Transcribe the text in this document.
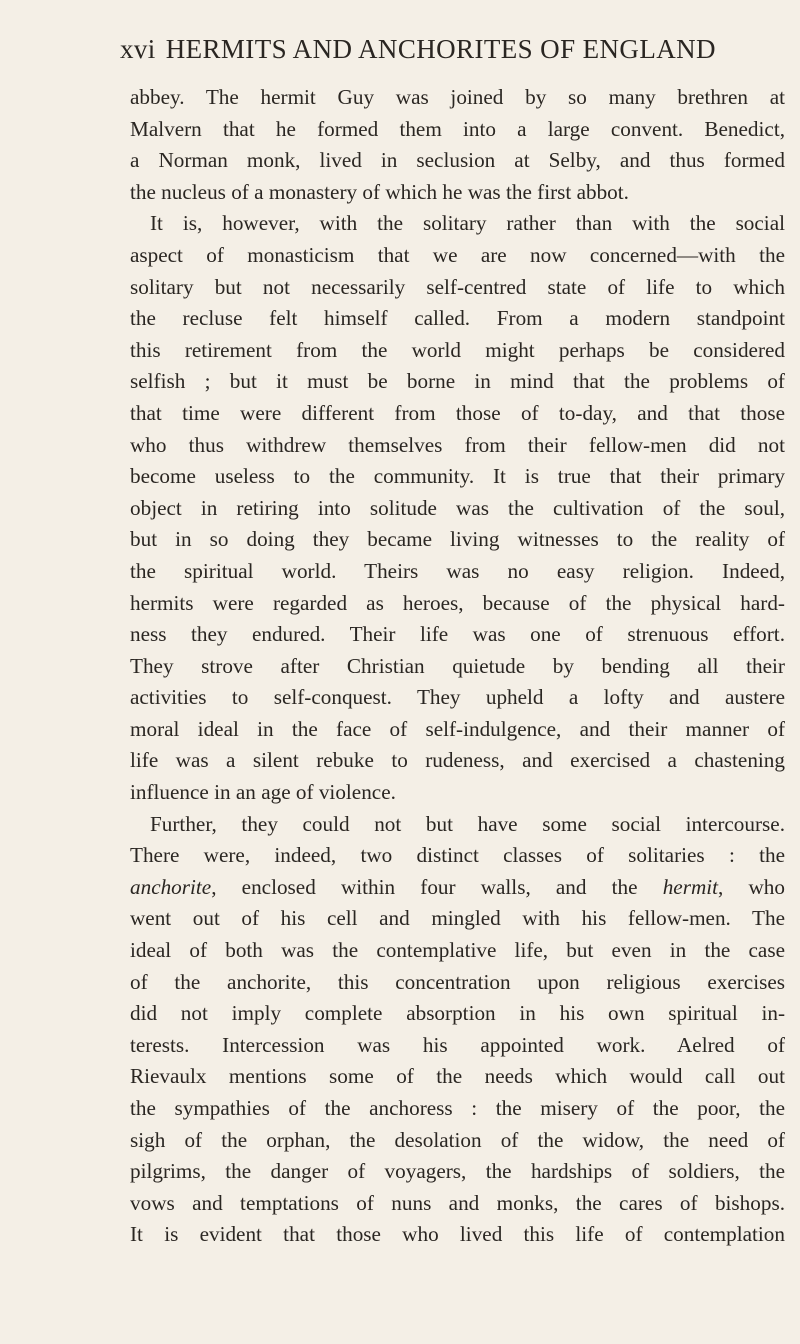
xvi HERMITS AND ANCHORITES OF ENGLAND
abbey. The hermit Guy was joined by so many brethren at
Malvern that he formed them into a large convent. Benedict,
a Norman monk, lived in seclusion at Selby, and thus formed
the nucleus of a monastery of which he was the first abbot.
It is, however, with the solitary rather than with the social
aspect of monasticism that we are now concerned—with the
solitary but not necessarily self-centred state of life to which
the recluse felt himself called. From a modern standpoint
this retirement from the world might perhaps be considered
selfish ; but it must be borne in mind that the problems of
that time were different from those of to-day, and that those
who thus withdrew themselves from their fellow-men did not
become useless to the community. It is true that their primary
object in retiring into solitude was the cultivation of the soul,
but in so doing they became living witnesses to the reality of
the spiritual world. Theirs was no easy religion. Indeed,
hermits were regarded as heroes, because of the physical hard-
ness they endured. Their life was one of strenuous effort.
They strove after Christian quietude by bending all their
activities to self-conquest. They upheld a lofty and austere
moral ideal in the face of self-indulgence, and their manner of
life was a silent rebuke to rudeness, and exercised a chastening
influence in an age of violence.
Further, they could not but have some social intercourse.
There were, indeed, two distinct classes of solitaries : the
anchorite, enclosed within four walls, and the hermit, who
went out of his cell and mingled with his fellow-men. The
ideal of both was the contemplative life, but even in the case
of the anchorite, this concentration upon religious exercises
did not imply complete absorption in his own spiritual in-
terests. Intercession was his appointed work. Aelred of
Rievaulx mentions some of the needs which would call out
the sympathies of the anchoress : the misery of the poor, the
sigh of the orphan, the desolation of the widow, the need of
pilgrims, the danger of voyagers, the hardships of soldiers, the
vows and temptations of nuns and monks, the cares of bishops.
It is evident that those who lived this life of contemplation
